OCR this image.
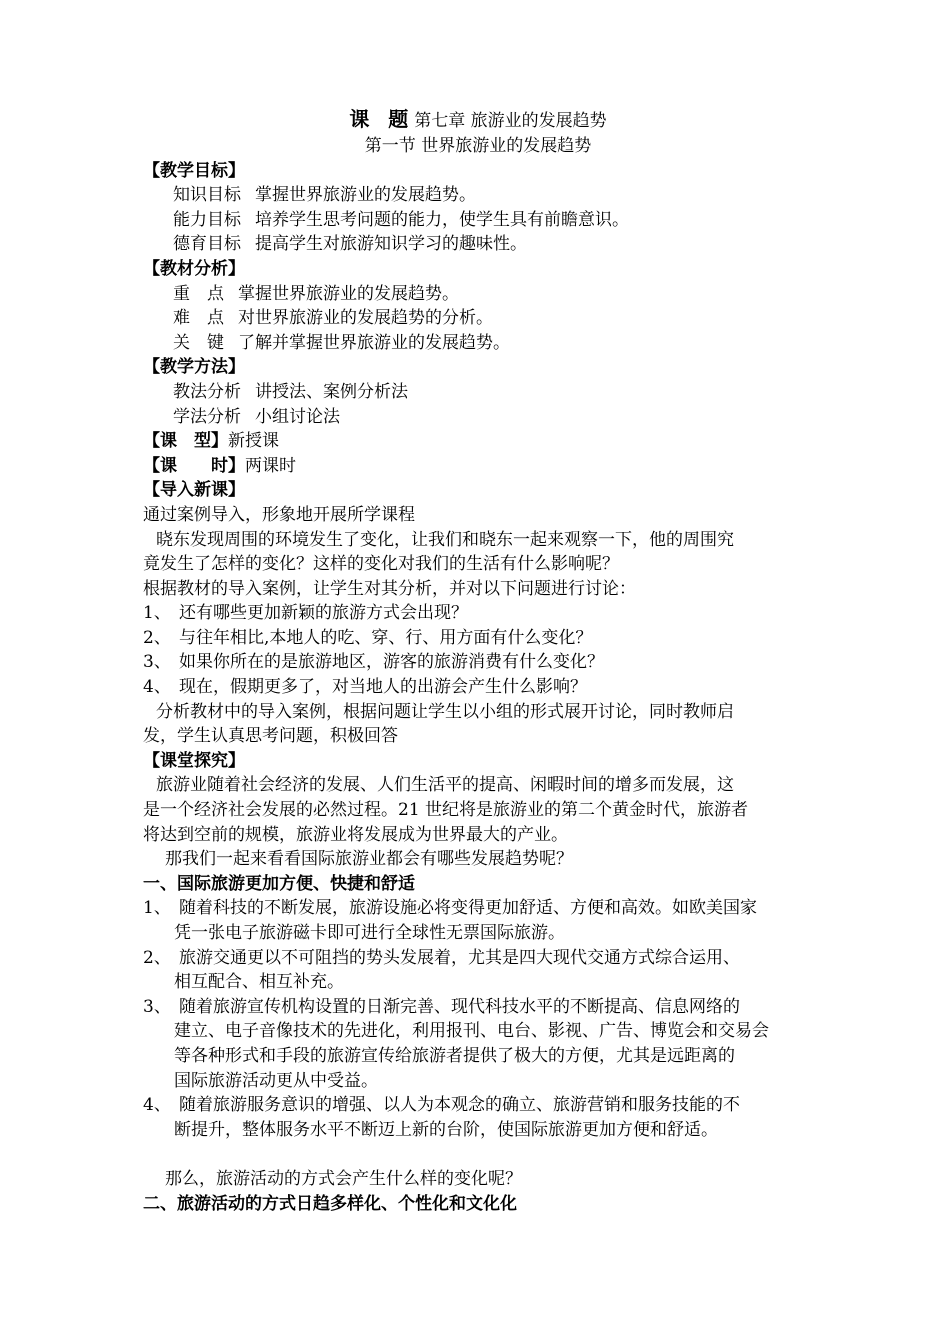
课 题第七章 旅游业的发展趋势
第一节 世界旅游业的发展趋势
【教学目标】
知识目标 掌握世界旅游业的发展趋势。
能力目标 培养学生思考问题的能力，使学生具有前瞻意识。
德育目标 提高学生对旅游知识学习的趣味性。
【教材分析】
重　点 掌握世界旅游业的发展趋势。
难　点 对世界旅游业的发展趋势的分析。
关　键 了解并掌握世界旅游业的发展趋势。
【教学方法】
教法分析 讲授法、案例分析法
学法分析 小组讨论法
【课　型】新授课
【课　　时】两课时
【导入新课】
通过案例导入，形象地开展所学课程
晓东发现周围的环境发生了变化，让我们和晓东一起来观察一下，他的周围究
竟发生了怎样的变化？这样的变化对我们的生活有什么影响呢？
根据教材的导入案例，让学生对其分析，并对以下问题进行讨论：
1、 还有哪些更加新颖的旅游方式会出现？
2、 与往年相比,本地人的吃、穿、行、用方面有什么变化？
3、 如果你所在的是旅游地区，游客的旅游消费有什么变化？
4、 现在，假期更多了，对当地人的出游会产生什么影响？
分析教材中的导入案例，根据问题让学生以小组的形式展开讨论，同时教师启
发，学生认真思考问题，积极回答
【课堂探究】
旅游业随着社会经济的发展、人们生活平的提高、闲暇时间的增多而发展，这
是一个经济社会发展的必然过程。21 世纪将是旅游业的第二个黄金时代，旅游者
将达到空前的规模，旅游业将发展成为世界最大的产业。
那我们一起来看看国际旅游业都会有哪些发展趋势呢？
一、国际旅游更加方便、快捷和舒适
1、 随着科技的不断发展，旅游设施必将变得更加舒适、方便和高效。如欧美国家
凭一张电子旅游磁卡即可进行全球性无票国际旅游。
2、 旅游交通更以不可阻挡的势头发展着，尤其是四大现代交通方式综合运用、
相互配合、相互补充。
3、 随着旅游宣传机构设置的日渐完善、现代科技水平的不断提高、信息网络的
建立、电子音像技术的先进化，利用报刊、电台、影视、广告、博览会和交易会
等各种形式和手段的旅游宣传给旅游者提供了极大的方便，尤其是远距离的
国际旅游活动更从中受益。
4、 随着旅游服务意识的增强、以人为本观念的确立、旅游营销和服务技能的不
断提升，整体服务水平不断迈上新的台阶，使国际旅游更加方便和舒适。
那么，旅游活动的方式会产生什么样的变化呢？
二、旅游活动的方式日趋多样化、个性化和文化化
